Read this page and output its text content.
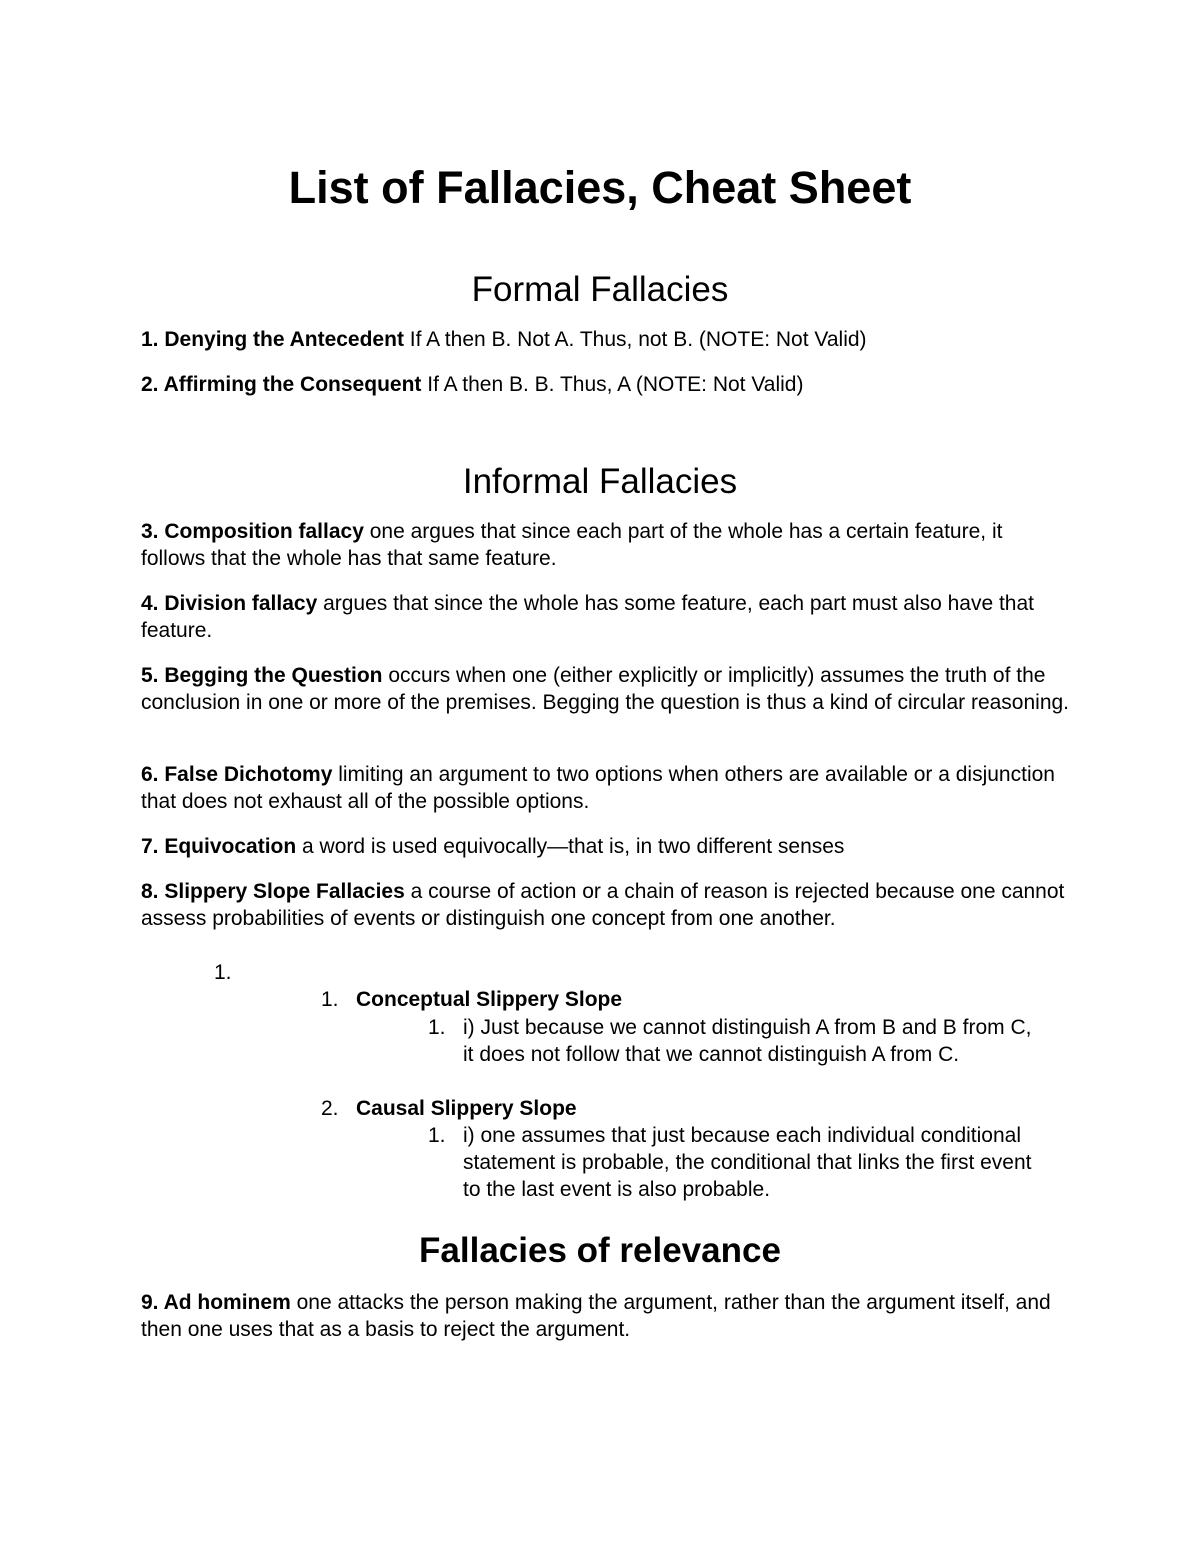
List of Fallacies, Cheat Sheet
Formal Fallacies

1. Denying the Antecedent If A then B. Not A. Thus, not B. (NOTE: Not Valid)

2. Affirming the Consequent If A then B. B. Thus, A (NOTE: Not Valid)

Informal Fallacies

3. Composition fallacy one argues that since each part of the whole has a certain feature, it follows that the whole has that same feature.

4. Division fallacy argues that since the whole has some feature, each part must also have that feature.

5. Begging the Question occurs when one (either explicitly or implicitly) assumes the truth of the conclusion in one or more of the premises. Begging the question is thus a kind of circular reasoning.

6. False Dichotomy limiting an argument to two options when others are available or a disjunction that does not exhaust all of the possible options.

7. Equivocation a word is used equivocally—that is, in two different senses

8. Slippery Slope Fallacies a course of action or a chain of reason is rejected because one cannot assess probabilities of events or distinguish one concept from one another.

1.
1. Conceptual Slippery Slope

1. i) Just because we cannot distinguish A from B and B from C, it does not follow that we cannot distinguish A from C.

2. Causal Slippery Slope

1. i) one assumes that just because each individual conditional statement is probable, the conditional that links the first event to the last event is also probable.

Fallacies of relevance

9. Ad hominem one attacks the person making the argument, rather than the argument itself, and then one uses that as a basis to reject the argument.
